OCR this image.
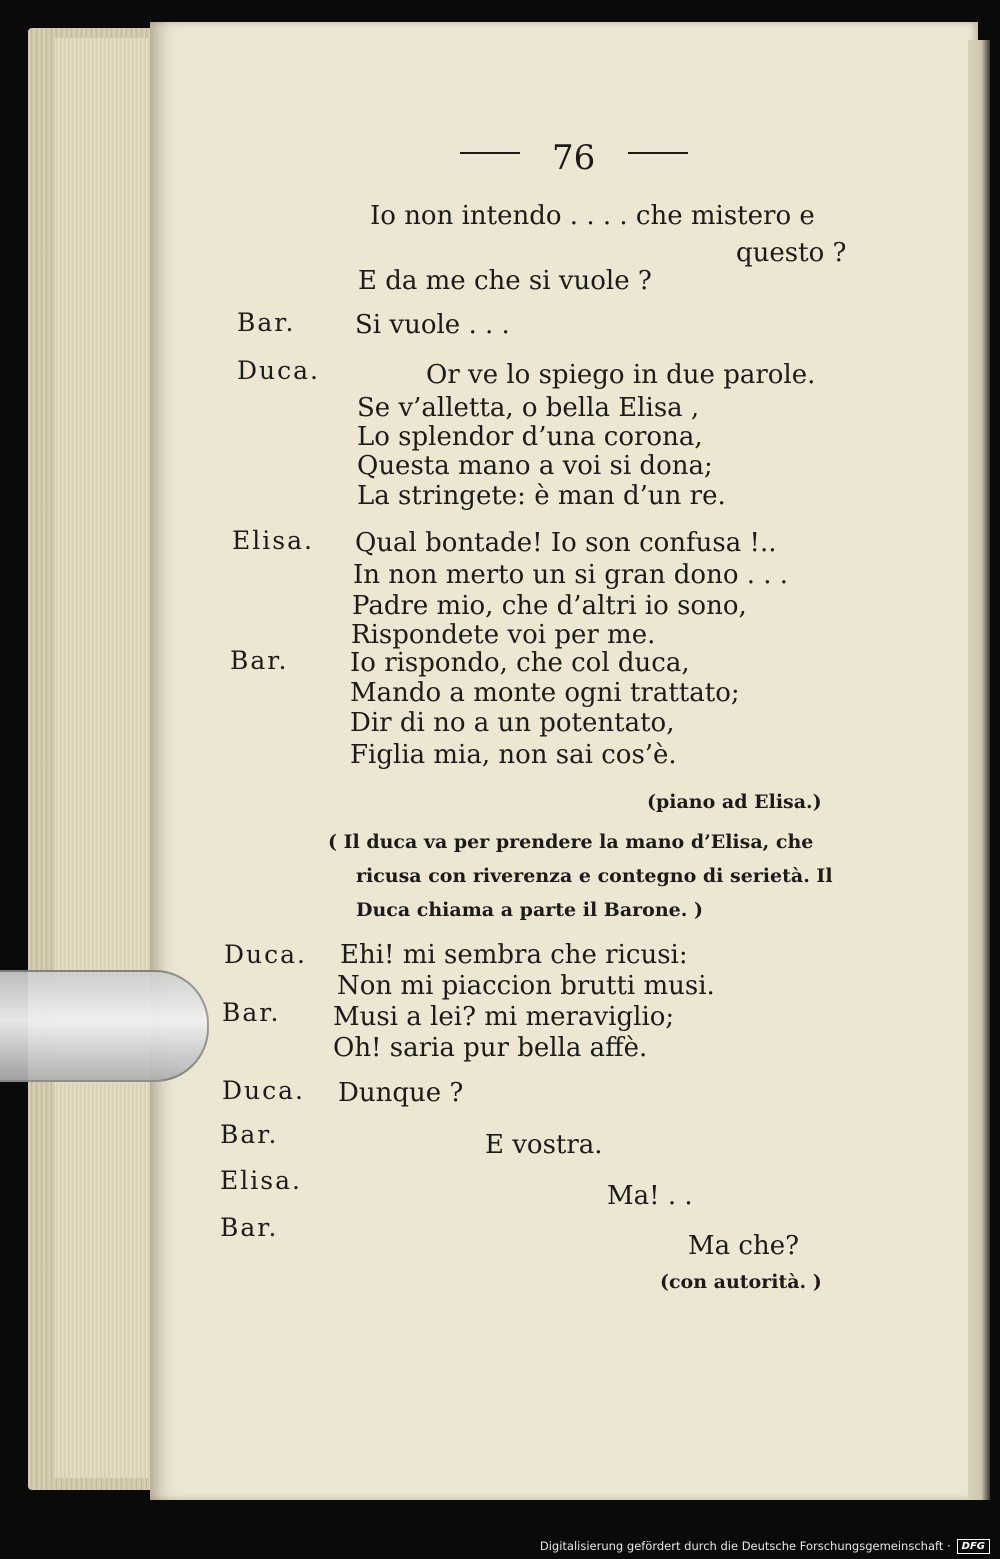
76
Bar.
Duca.
Elisa.
Bar.
Duca.
Bar.
Duca.
Bar.
Elisa.
Bar.
Io non intendo . . . . che mistero e
questo ?
E da me che si vuole ?
Si vuole . . .
Or ve lo spiego in due parole.
Se v’alletta, o bella Elisa ,
Lo splendor d’una corona,
Questa mano a voi si dona;
La stringete: è man d’un re.
Qual bontade! Io son confusa !..
In non merto un si gran dono . . .
Padre mio, che d’altri io sono,
Rispondete voi per me.
Io rispondo, che col duca,
Mando a monte ogni trattato;
Dir di no a un potentato,
Figlia mia, non sai cos’è.
(piano ad Elisa.)
( Il duca va per prendere la mano d’Elisa, che
ricusa con riverenza e contegno di serietà. Il
Duca chiama a parte il Barone. )
Ehi! mi sembra che ricusi:
Non mi piaccion brutti musi.
Musi a lei? mi meraviglio;
Oh! saria pur bella affè.
Dunque ?
E vostra.
Ma! . .
Ma che?
(con autorità. )
Digitalisierung gefördert durch die Deutsche Forschungsgemeinschaft ·	DFG
